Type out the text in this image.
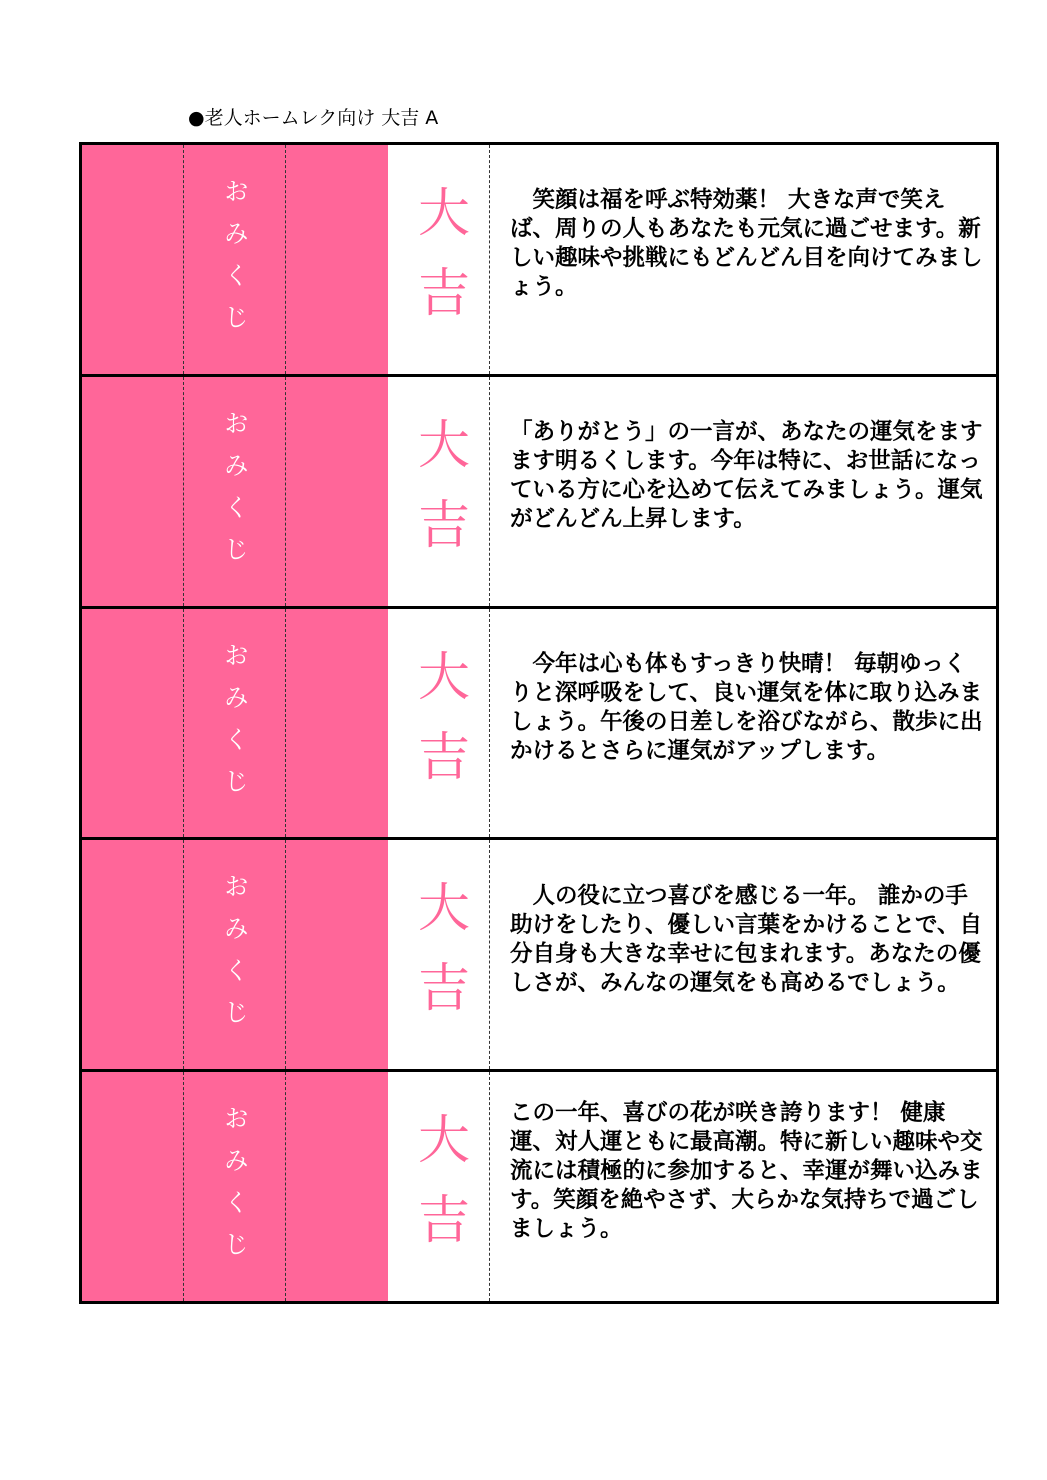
●老人ホームレク向け 大吉 A
おみくじ	大吉 　笑顔は福を呼ぶ特効薬！ 大きな声で笑えば、周りの人もあなたも元気に過ごせます。新しい趣味や挑戦にもどんどん目を向けてみましょう。
おみくじ	大吉 「ありがとう」の一言が、あなたの運気をますます明るくします。今年は特に、お世話になっている方に心を込めて伝えてみましょう。運気がどんどん上昇します。
おみくじ	大吉 　今年は心も体もすっきり快晴！ 毎朝ゆっくりと深呼吸をして、良い運気を体に取り込みましょう。午後の日差しを浴びながら、散歩に出かけるとさらに運気がアップします。
おみくじ	大吉 　人の役に立つ喜びを感じる一年。 誰かの手助けをしたり、優しい言葉をかけることで、自分自身も大きな幸せに包まれます。あなたの優しさが、みんなの運気をも高めるでしょう。
おみくじ	大吉 この一年、喜びの花が咲き誇ります！ 健康運、対人運ともに最高潮。特に新しい趣味や交流には積極的に参加すると、幸運が舞い込みます。笑顔を絶やさず、大らかな気持ちで過ごしましょう。
